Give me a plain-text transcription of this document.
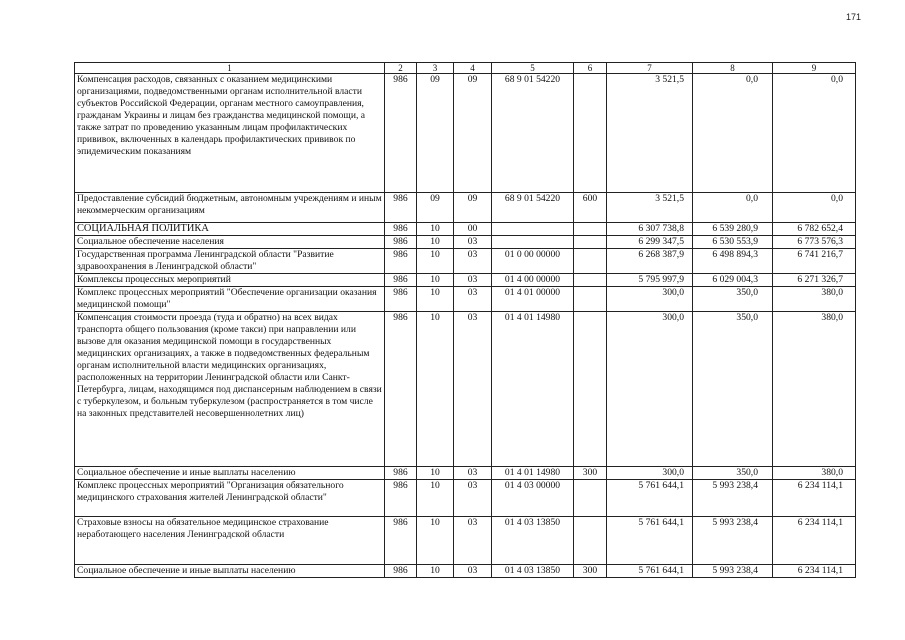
171
1	2	3	4	5	6	7	8	9
Компенсация расходов, связанных с оказанием медицинскими организациями, подведомственными органам исполнительной власти субъектов Российской Федерации, органам местного самоуправления, гражданам Украины и лицам без гражданства медицинской помощи, а также затрат по проведению указанным лицам профилактических прививок, включенных в календарь профилактических прививок по эпидемическим показаниям	986	09	09	68 9 01 54220		3 521,5	0,0	0,0
Предоставление субсидий бюджетным, автономным учреждениям и иным некоммерческим организациям	986	09	09	68 9 01 54220	600	3 521,5	0,0	0,0
СОЦИАЛЬНАЯ ПОЛИТИКА	986	10	00			6 307 738,8	6 539 280,9	6 782 652,4
Социальное обеспечение населения	986	10	03			6 299 347,5	6 530 553,9	6 773 576,3
Государственная программа Ленинградской области "Развитие здравоохранения в Ленинградской области"	986	10	03	01 0 00 00000		6 268 387,9	6 498 894,3	6 741 216,7
Комплексы процессных мероприятий	986	10	03	01 4 00 00000		5 795 997,9	6 029 004,3	6 271 326,7
Комплекс процессных мероприятий "Обеспечение организации оказания медицинской помощи"	986	10	03	01 4 01 00000		300,0	350,0	380,0
Компенсация стоимости проезда (туда и обратно) на всех видах транспорта общего пользования (кроме такси) при направлении или вызове для оказания медицинской помощи в государственных медицинских организациях, а также в подведомственных федеральным органам исполнительной власти медицинских организациях, расположенных на территории Ленинградской области или Санкт-Петербурга, лицам, находящимся под диспансерным наблюдением в связи с туберкулезом, и больным туберкулезом (распространяется в том числе на законных представителей несовершеннолетних лиц)	986	10	03	01 4 01 14980		300,0	350,0	380,0
Социальное обеспечение и иные выплаты населению	986	10	03	01 4 01 14980	300	300,0	350,0	380,0
Комплекс процессных мероприятий "Организация обязательного медицинского страхования жителей Ленинградской области"	986	10	03	01 4 03 00000		5 761 644,1	5 993 238,4	6 234 114,1
Страховые взносы на обязательное медицинское страхование неработающего населения Ленинградской области	986	10	03	01 4 03 13850		5 761 644,1	5 993 238,4	6 234 114,1
Социальное обеспечение и иные выплаты населению	986	10	03	01 4 03 13850	300	5 761 644,1	5 993 238,4	6 234 114,1
